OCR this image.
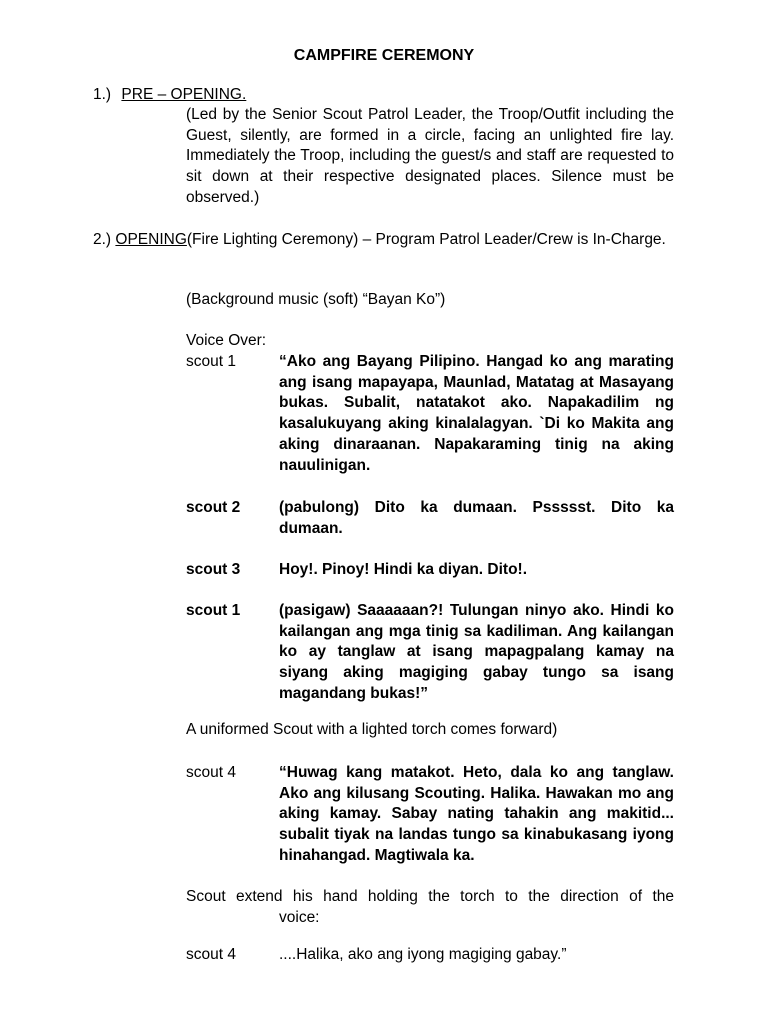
CAMPFIRE CEREMONY
1.) PRE – OPENING.

(Led by the Senior Scout Patrol Leader, the Troop/Outfit including the Guest, silently, are formed in a circle, facing an unlighted fire lay. Immediately the Troop, including the guest/s and staff are requested to sit down at their respective designated places. Silence must be observed.)

2.) OPENING(Fire Lighting Ceremony) – Program Patrol Leader/Crew is In-Charge.

(Background music (soft) “Bayan Ko”)
Voice Over:
scout 1	“Ako ang Bayang Pilipino. Hangad ko ang marating ang isang mapayapa, Maunlad, Matatag at Masayang bukas. Subalit, natatakot ako. Napakadilim ng kasalukuyang aking kinalalagyan. `Di ko Makita ang aking dinaraanan. Napakaraming tinig na aking nauulinigan.

scout 2	(pabulong) Dito ka dumaan. Pssssst. Dito ka dumaan.

scout 3	Hoy!. Pinoy! Hindi ka diyan. Dito!.

scout 1	(pasigaw) Saaaaaan?! Tulungan ninyo ako. Hindi ko kailangan ang mga tinig sa kadiliman. Ang kailangan ko ay tanglaw at isang mapagpalang kamay na siyang aking magiging gabay tungo sa isang magandang bukas!”

A uniformed Scout with a lighted torch comes forward)
scout 4	“Huwag kang matakot. Heto, dala ko ang tanglaw. Ako ang kilusang Scouting. Halika. Hawakan mo ang aking kamay. Sabay nating tahakin ang makitid... subalit tiyak na landas tungo sa kinabukasang iyong hinahangad. Magtiwala ka.

Scout extend his hand holding the torch to the direction of the
voice:
scout 4	....Halika, ako ang iyong magiging gabay.”
